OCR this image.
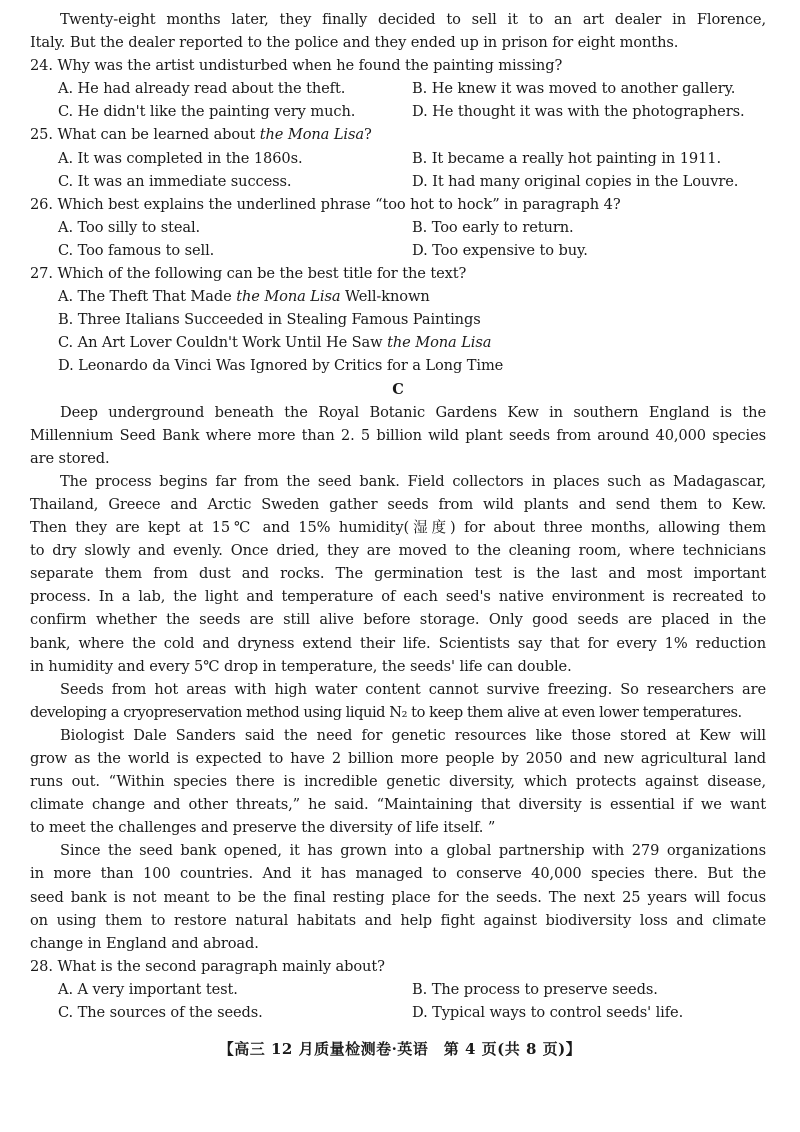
Twenty-eight months later, they finally decided to sell it to an art dealer in Florence,
Italy. But the dealer reported to the police and they ended up in prison for eight months.
24. Why was the artist undisturbed when he found the painting missing?
A. He had already read about the theft.	B. He knew it was moved to another gallery.
C. He didn't like the painting very much.	D. He thought it was with the photographers.
25. What can be learned about the Mona Lisa?
A. It was completed in the 1860s.	B. It became a really hot painting in 1911.
C. It was an immediate success.	D. It had many original copies in the Louvre.
26. Which best explains the underlined phrase “too hot to hock” in paragraph 4?
A. Too silly to steal.	B. Too early to return.
C. Too famous to sell.	D. Too expensive to buy.
27. Which of the following can be the best title for the text?
A. The Theft That Made the Mona Lisa Well-known
B. Three Italians Succeeded in Stealing Famous Paintings
C. An Art Lover Couldn't Work Until He Saw the Mona Lisa
D. Leonardo da Vinci Was Ignored by Critics for a Long Time
C
Deep underground beneath the Royal Botanic Gardens Kew in southern England is the
Millennium Seed Bank where more than 2. 5 billion wild plant seeds from around 40,000 species
are stored.
The process begins far from the seed bank. Field collectors in places such as Madagascar,
Thailand, Greece and Arctic Sweden gather seeds from wild plants and send them to Kew.
Then they are kept at 15℃ and 15% humidity(湿度) for about three months, allowing them
to dry slowly and evenly. Once dried, they are moved to the cleaning room, where technicians
separate them from dust and rocks. The germination test is the last and most important
process. In a lab, the light and temperature of each seed's native environment is recreated to
confirm whether the seeds are still alive before storage. Only good seeds are placed in the
bank, where the cold and dryness extend their life. Scientists say that for every 1% reduction
in humidity and every 5℃ drop in temperature, the seeds' life can double.
Seeds from hot areas with high water content cannot survive freezing. So researchers are
developing a cryopreservation method using liquid N₂ to keep them alive at even lower temperatures.
Biologist Dale Sanders said the need for genetic resources like those stored at Kew will
grow as the world is expected to have 2 billion more people by 2050 and new agricultural land
runs out. “Within species there is incredible genetic diversity, which protects against disease,
climate change and other threats,” he said. “Maintaining that diversity is essential if we want
to meet the challenges and preserve the diversity of life itself. ”
Since the seed bank opened, it has grown into a global partnership with 279 organizations
in more than 100 countries. And it has managed to conserve 40,000 species there. But the
seed bank is not meant to be the final resting place for the seeds. The next 25 years will focus
on using them to restore natural habitats and help fight against biodiversity loss and climate
change in England and abroad.
28. What is the second paragraph mainly about?
A. A very important test.	B. The process to preserve seeds.
C. The sources of the seeds.	D. Typical ways to control seeds' life.
【高三 12 月质量检测卷·英语　第 4 页(共 8 页)】
